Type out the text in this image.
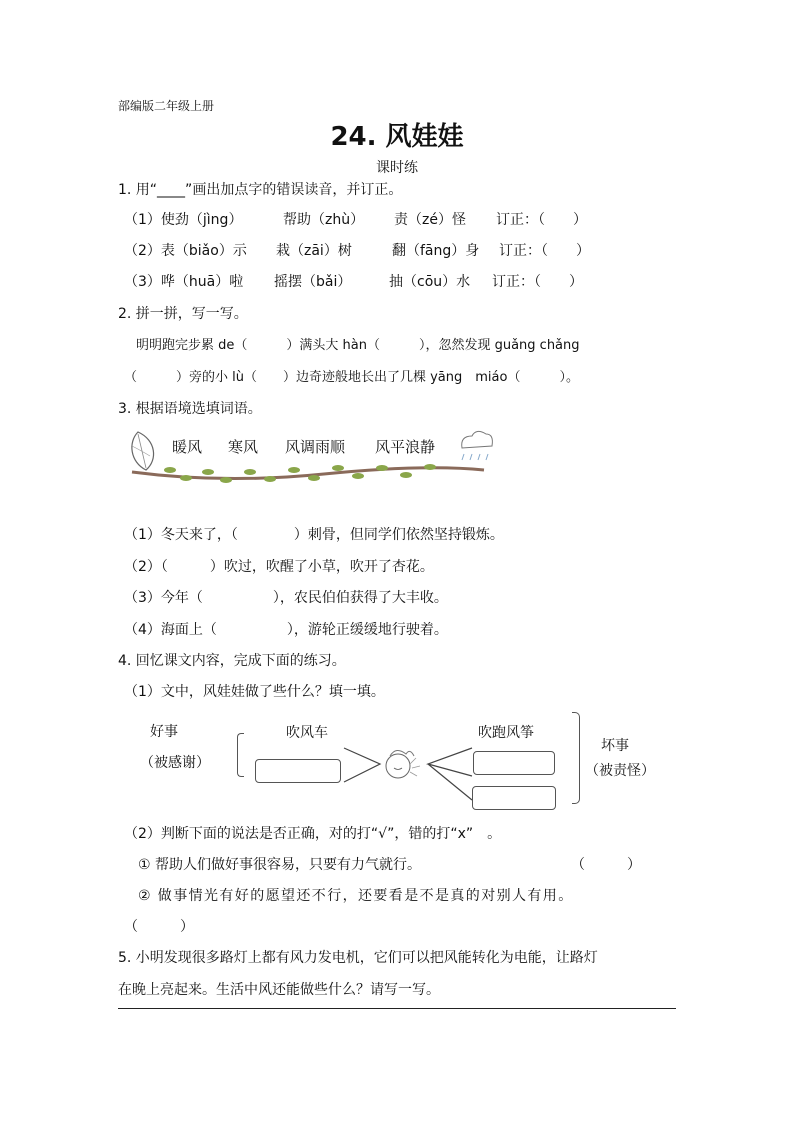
部编版二年级上册
24. 风娃娃
课时练
1. 用“____”画出加点字的错误读音，并订正。
（1）使劲（jìng）	帮助（zhù） 责（zé）怪 订正：（　　）
（2）表（biǎo）示 栽（zāi）树	翻（fāng）身 订正：（　　）
（3）哗（huā）啦 摇摆（bǎi）	抽（cōu）水 订正：（　　）
2. 拼一拼，写一写。
明明跑完步累 de（　　　）满头大 hàn（　　　），忽然发现 guǎng chǎng
（　　　）旁的小 lù（　　）边奇迹般地长出了几棵 yāng　miáo（　　　）。
3. 根据语境选填词语。
暖风 寒风 风调雨顺 风平浪静
（1）冬天来了，（　　　　）刺骨，但同学们依然坚持锻炼。
（2）（　　　）吹过，吹醒了小草，吹开了杏花。
（3）今年（　　　　　），农民伯伯获得了大丰收。
（4）海面上（　　　　　），游轮正缓缓地行驶着。
4. 回忆课文内容，完成下面的练习。
（1）文中，风娃娃做了些什么？填一填。
好事
（被感谢）
吹风车	吹跑风筝
坏事
（被责怪）
（2）判断下面的说法是否正确，对的打“√”，错的打“x”　。
① 帮助人们做好事很容易，只要有力气就行。	（　　　）
② 做事情光有好的愿望还不行，还要看是不是真的对别人有用。
（　　　）
5. 小明发现很多路灯上都有风力发电机，它们可以把风能转化为电能，让路灯
在晚上亮起来。生活中风还能做些什么？请写一写。
